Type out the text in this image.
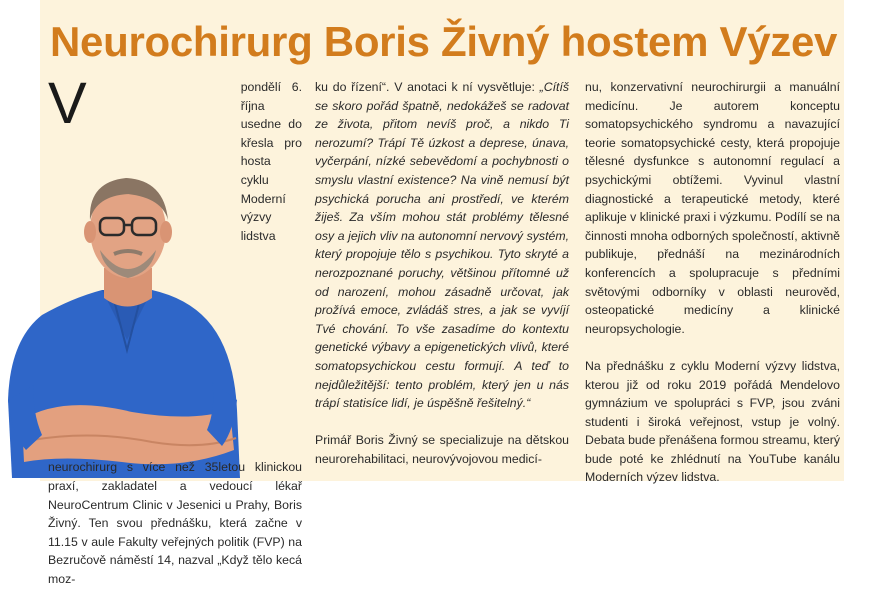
Neurochirurg Boris Živný hostem Výzev
V	pondělí 6. října usedne do křesla pro hosta cyklu Moderní výzvy lidstva neurochirurg s více než 35letou klinickou praxí, zakladatel a vedoucí lékař NeuroCentrum Clinic v Jesenici u Prahy, Boris Živný. Ten svou přednášku, která začne v 11.15 v aule Fakulty veřejných politik (FVP) na Bezručově náměstí 14, nazval „Když tělo kecá moz-

ku do řízení“. V anotaci k ní vysvětluje: „Cítíš se skoro pořád špatně, nedokážeš se radovat ze života, přitom nevíš proč, a nikdo Ti nerozumí? Trápí Tě úzkost a deprese, únava, vyčerpání, nízké sebevědomí a pochybnosti o smyslu vlastní existence? Na vině nemusí být psychická porucha ani prostředí, ve kterém žiješ. Za vším mohou stát problémy tělesné osy a jejich vliv na autonomní nervový systém, který propojuje tělo s psychikou. Tyto skryté a nerozpoznané poruchy, většinou přítomné už od narození, mohou zásadně určovat, jak prožívá emoce, zvládáš stres, a jak se vyvíjí Tvé chování. To vše zasadíme do kontextu genetické výbavy a epigenetických vlivů, které somatopsychickou cestu formují. A teď to nejdůležitější: tento problém, který jen u nás trápí statisíce lidí, je úspěšně řešitelný.“

Primář Boris Živný se specializuje na dětskou neurorehabilitaci, neurovývojovou medicí-

nu, konzervativní neurochirurgii a manuální medicínu. Je autorem konceptu somatopsychického syndromu a navazující teorie somatopsychické cesty, která propojuje tělesné dysfunkce s autonomní regulací a psychickými obtížemi. Vyvinul vlastní diagnostické a terapeutické metody, které aplikuje v klinické praxi i výzkumu. Podílí se na činnosti mnoha odborných společností, aktivně publikuje, přednáší na mezinárodních konferencích a spolupracuje s předními světovými odborníky v oblasti neurověd, osteopatické medicíny a klinické neuropsychologie.

Na přednášku z cyklu Moderní výzvy lidstva, kterou již od roku 2019 pořádá Mendelovo gymnázium ve spolupráci s FVP, jsou zváni studenti i široká veřejnost, vstup je volný. Debata bude přenášena formou streamu, který bude poté ke zhlédnutí na YouTube kanálu Moderních výzev lidstva.
